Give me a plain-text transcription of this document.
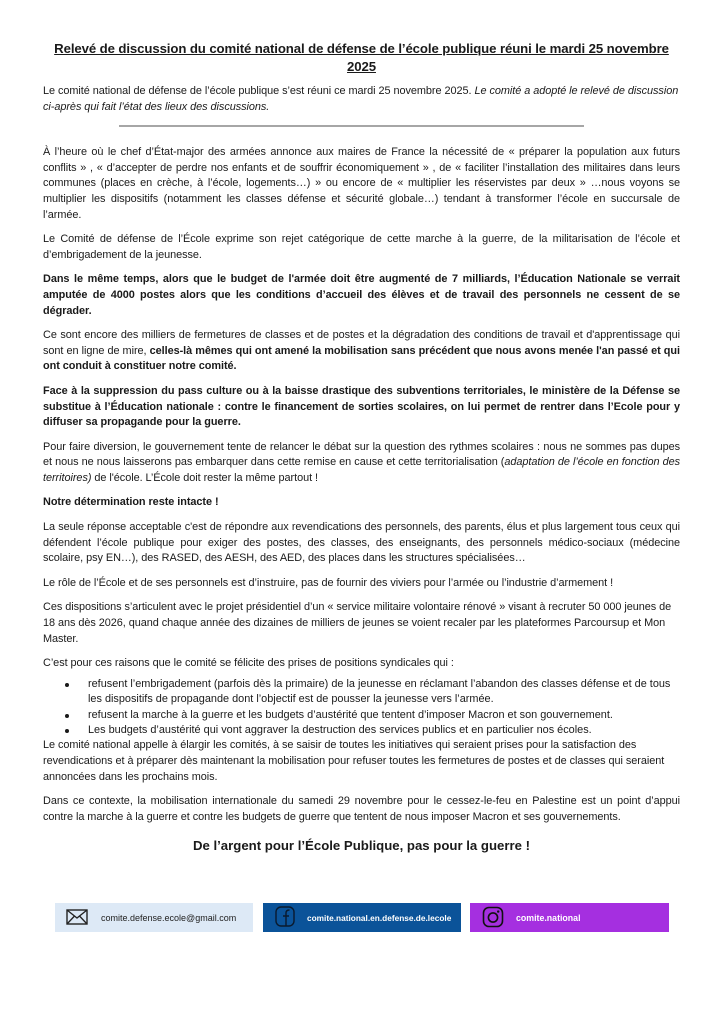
Relevé de discussion du comité national de défense de l’école publique réuni le mardi 25 novembre 2025

Le comité national de défense de l’école publique s’est réuni ce mardi 25 novembre 2025. Le comité a adopté le relevé de discussion ci-après qui fait l’état des lieux des discussions.

À l’heure où le chef d’État-major des armées annonce aux maires de France la nécessité de « préparer la population aux futurs conflits » , « d’accepter de perdre nos enfants et de souffrir économiquement » , de « faciliter l’installation des militaires dans leurs communes (places en crèche, à l’école, logements…) » ou encore de « multiplier les réservistes par deux » …nous voyons se multiplier les dispositifs (notamment les classes défense et sécurité globale…) tendant à transformer l’école en succursale de l’armée.

Le Comité de défense de l’École exprime son rejet catégorique de cette marche à la guerre, de la militarisation de l’école et d’embrigadement de la jeunesse.

Dans le même temps, alors que le budget de l'armée doit être augmenté de 7 milliards, l’Éducation Nationale se verrait amputée de 4000 postes alors que les conditions d’accueil des élèves et de travail des personnels ne cessent de se dégrader.

Ce sont encore des milliers de fermetures de classes et de postes et la dégradation des conditions de travail et d'apprentissage qui sont en ligne de mire, celles-là mêmes qui ont amené la mobilisation sans précédent que nous avons menée l'an passé et qui ont conduit à constituer notre comité.

Face à la suppression du pass culture ou à la baisse drastique des subventions territoriales, le ministère de la Défense se substitue à l’Éducation nationale : contre le financement de sorties scolaires, on lui permet de rentrer dans l’Ecole pour y diffuser sa propagande pour la guerre.

Pour faire diversion, le gouvernement tente de relancer le débat sur la question des rythmes scolaires : nous ne sommes pas dupes et nous ne nous laisserons pas embarquer dans cette remise en cause et cette territorialisation (adaptation de l’école en fonction des territoires) de l'école. L’École doit rester la même partout !

Notre détermination reste intacte !

La seule réponse acceptable c'est de répondre aux revendications des personnels, des parents, élus et plus largement tous ceux qui défendent l’école publique pour exiger des postes, des classes, des enseignants, des personnels médico-sociaux (médecine scolaire, psy EN…), des RASED, des AESH, des AED, des places dans les structures spécialisées…

Le rôle de l’École et de ses personnels est d’instruire, pas de fournir des viviers pour l’armée ou l’industrie d’armement !

Ces dispositions s’articulent avec le projet présidentiel d’un « service militaire volontaire rénové » visant à recruter 50 000 jeunes de 18 ans dès 2026, quand chaque année des dizaines de milliers de jeunes se voient recaler par les plateformes Parcoursup et Mon Master.

C’est pour ces raisons que le comité se félicite des prises de positions syndicales qui :

refusent l’embrigadement (parfois dès la primaire) de la jeunesse en réclamant l’abandon des classes défense et de tous les dispositifs de propagande dont l’objectif est de pousser la jeunesse vers l’armée.
refusent la marche à la guerre et les budgets d’austérité que tentent d’imposer Macron et son gouvernement.
Les budgets d’austérité qui vont aggraver la destruction des services publics et en particulier nos écoles.

Le comité national appelle à élargir les comités, à se saisir de toutes les initiatives qui seraient prises pour la satisfaction des revendications et à préparer dès maintenant la mobilisation pour refuser toutes les fermetures de postes et de classes qui seraient annoncées dans les prochains mois.

Dans ce contexte, la mobilisation internationale du samedi 29 novembre pour le cessez-le-feu en Palestine est un point d’appui contre la marche à la guerre et contre les budgets de guerre que tentent de nous imposer Macron et ses gouvernements.

De l’argent pour l’École Publique, pas pour la guerre !
comite.defense.ecole@gmail.com	comite.national.en.defense.de.lecole	comite.national
